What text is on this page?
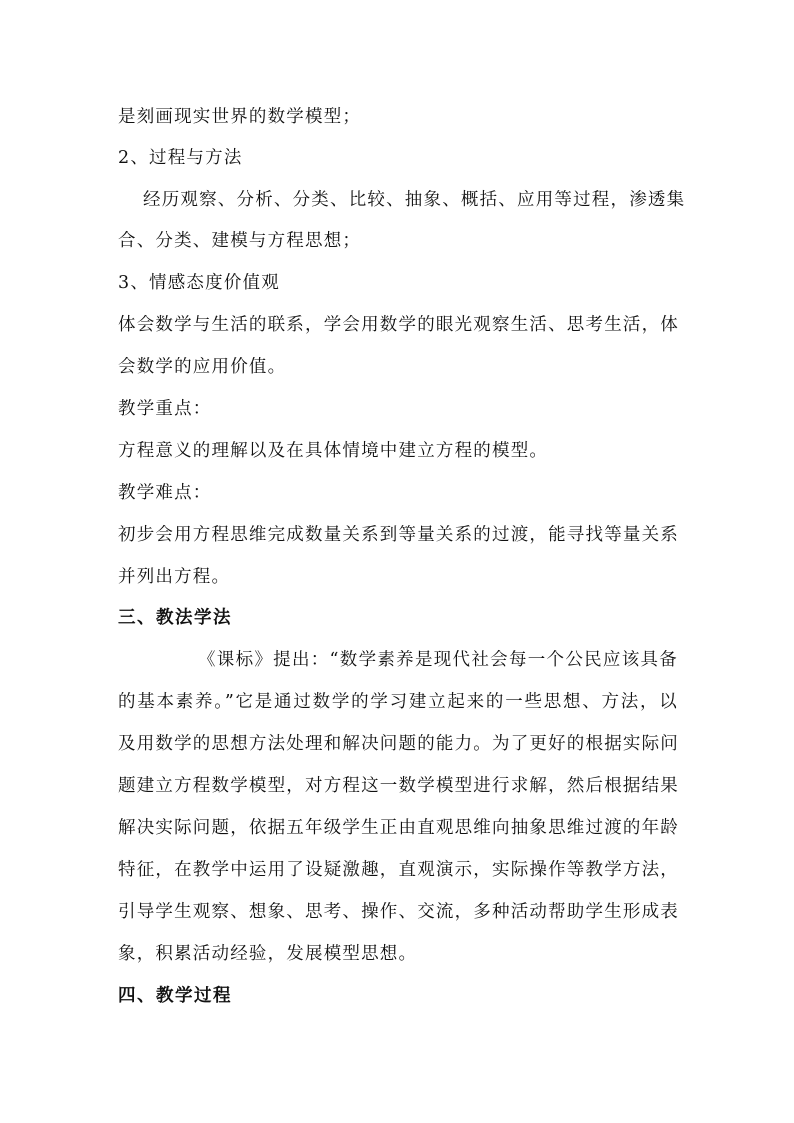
是刻画现实世界的数学模型；
2、过程与方法
经历观察、分析、分类、比较、抽象、概括、应用等过程，渗透集
合、分类、建模与方程思想；
3、情感态度价值观
体会数学与生活的联系，学会用数学的眼光观察生活、思考生活，体
会数学的应用价值。
教学重点：
方程意义的理解以及在具体情境中建立方程的模型。
教学难点：
初步会用方程思维完成数量关系到等量关系的过渡，能寻找等量关系
并列出方程。
三、教法学法
《课标》提出：“数学素养是现代社会每一个公民应该具备
的基本素养。”它是通过数学的学习建立起来的一些思想、方法，以
及用数学的思想方法处理和解决问题的能力。为了更好的根据实际问
题建立方程数学模型，对方程这一数学模型进行求解，然后根据结果
解决实际问题，依据五年级学生正由直观思维向抽象思维过渡的年龄
特征，在教学中运用了设疑激趣，直观演示，实际操作等教学方法，
引导学生观察、想象、思考、操作、交流，多种活动帮助学生形成表
象，积累活动经验，发展模型思想。
四、教学过程
